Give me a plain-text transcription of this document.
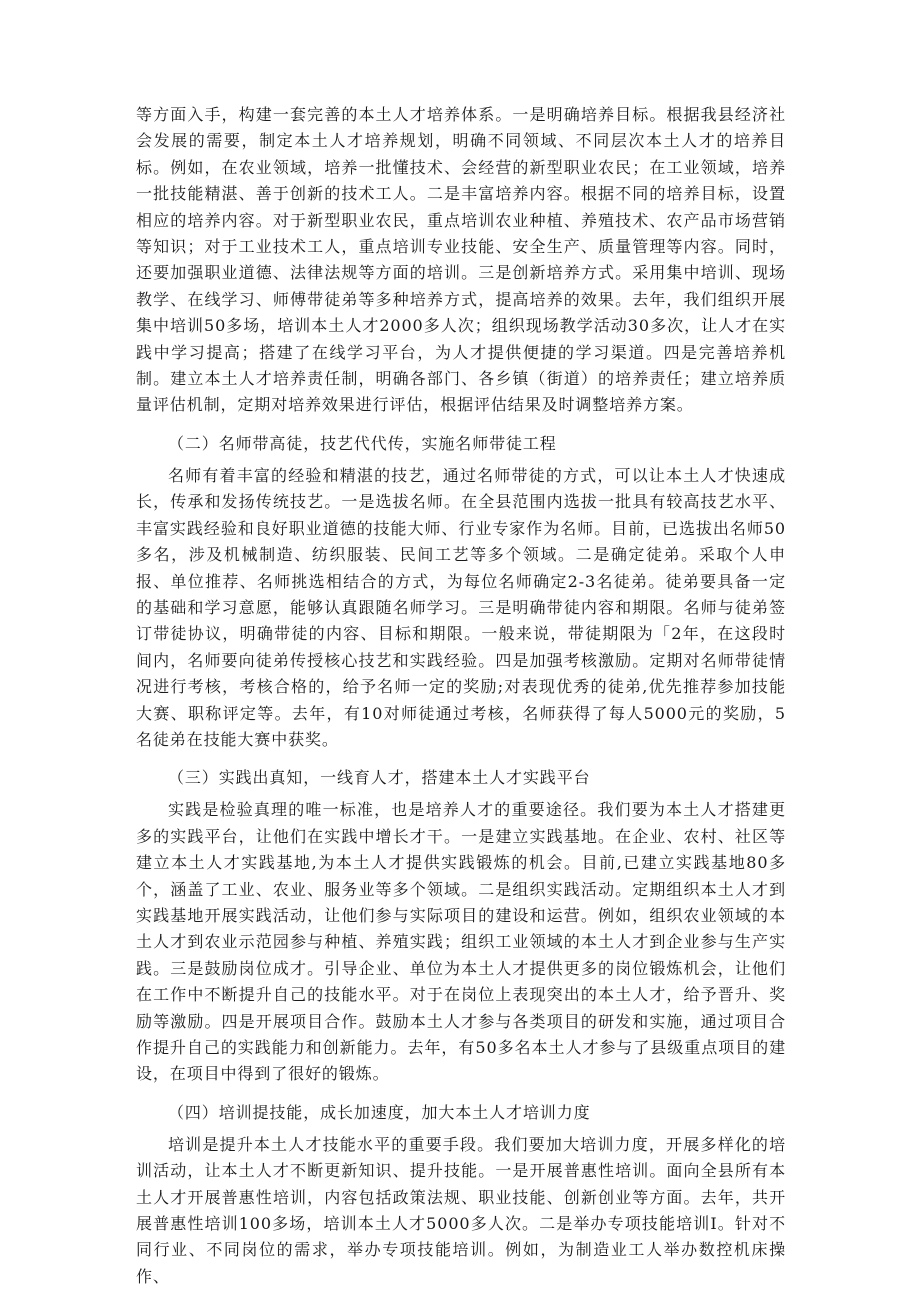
等方面入手，构建一套完善的本土人才培养体系。一是明确培养目标。根据我县经济社会发展的需要，制定本土人才培养规划，明确不同领域、不同层次本土人才的培养目标。例如，在农业领域，培养一批懂技术、会经营的新型职业农民；在工业领域，培养一批技能精湛、善于创新的技术工人。二是丰富培养内容。根据不同的培养目标，设置相应的培养内容。对于新型职业农民，重点培训农业种植、养殖技术、农产品市场营销等知识；对于工业技术工人，重点培训专业技能、安全生产、质量管理等内容。同时，还要加强职业道德、法律法规等方面的培训。三是创新培养方式。采用集中培训、现场教学、在线学习、师傅带徒弟等多种培养方式，提高培养的效果。去年，我们组织开展集中培训50多场，培训本土人才2000多人次；组织现场教学活动30多次，让人才在实践中学习提高；搭建了在线学习平台，为人才提供便捷的学习渠道。四是完善培养机制。建立本土人才培养责任制，明确各部门、各乡镇（街道）的培养责任；建立培养质量评估机制，定期对培养效果进行评估，根据评估结果及时调整培养方案。

（二）名师带高徒，技艺代代传，实施名师带徒工程

名师有着丰富的经验和精湛的技艺，通过名师带徒的方式，可以让本土人才快速成长，传承和发扬传统技艺。一是选拔名师。在全县范围内选拔一批具有较高技艺水平、丰富实践经验和良好职业道德的技能大师、行业专家作为名师。目前，已选拔出名师50多名，涉及机械制造、纺织服装、民间工艺等多个领域。二是确定徒弟。采取个人申报、单位推荐、名师挑选相结合的方式，为每位名师确定2-3名徒弟。徒弟要具备一定的基础和学习意愿，能够认真跟随名师学习。三是明确带徒内容和期限。名师与徒弟签订带徒协议，明确带徒的内容、目标和期限。一般来说，带徒期限为「2年，在这段时间内，名师要向徒弟传授核心技艺和实践经验。四是加强考核激励。定期对名师带徒情况进行考核，考核合格的，给予名师一定的奖励;对表现优秀的徒弟,优先推荐参加技能大赛、职称评定等。去年，有10对师徒通过考核，名师获得了每人5000元的奖励，5名徒弟在技能大赛中获奖。

（三）实践出真知，一线育人才，搭建本土人才实践平台

实践是检验真理的唯一标准，也是培养人才的重要途径。我们要为本土人才搭建更多的实践平台，让他们在实践中增长才干。一是建立实践基地。在企业、农村、社区等建立本土人才实践基地,为本土人才提供实践锻炼的机会。目前,已建立实践基地80多个，涵盖了工业、农业、服务业等多个领域。二是组织实践活动。定期组织本土人才到实践基地开展实践活动，让他们参与实际项目的建设和运营。例如，组织农业领域的本土人才到农业示范园参与种植、养殖实践；组织工业领域的本土人才到企业参与生产实践。三是鼓励岗位成才。引导企业、单位为本土人才提供更多的岗位锻炼机会，让他们在工作中不断提升自己的技能水平。对于在岗位上表现突出的本土人才，给予晋升、奖励等激励。四是开展项目合作。鼓励本土人才参与各类项目的研发和实施，通过项目合作提升自己的实践能力和创新能力。去年，有50多名本土人才参与了县级重点项目的建设，在项目中得到了很好的锻炼。

（四）培训提技能，成长加速度，加大本土人才培训力度

培训是提升本土人才技能水平的重要手段。我们要加大培训力度，开展多样化的培训活动，让本土人才不断更新知识、提升技能。一是开展普惠性培训。面向全县所有本土人才开展普惠性培训，内容包括政策法规、职业技能、创新创业等方面。去年，共开展普惠性培训100多场，培训本土人才5000多人次。二是举办专项技能培训I。针对不同行业、不同岗位的需求，举办专项技能培训。例如，为制造业工人举办数控机床操作、
